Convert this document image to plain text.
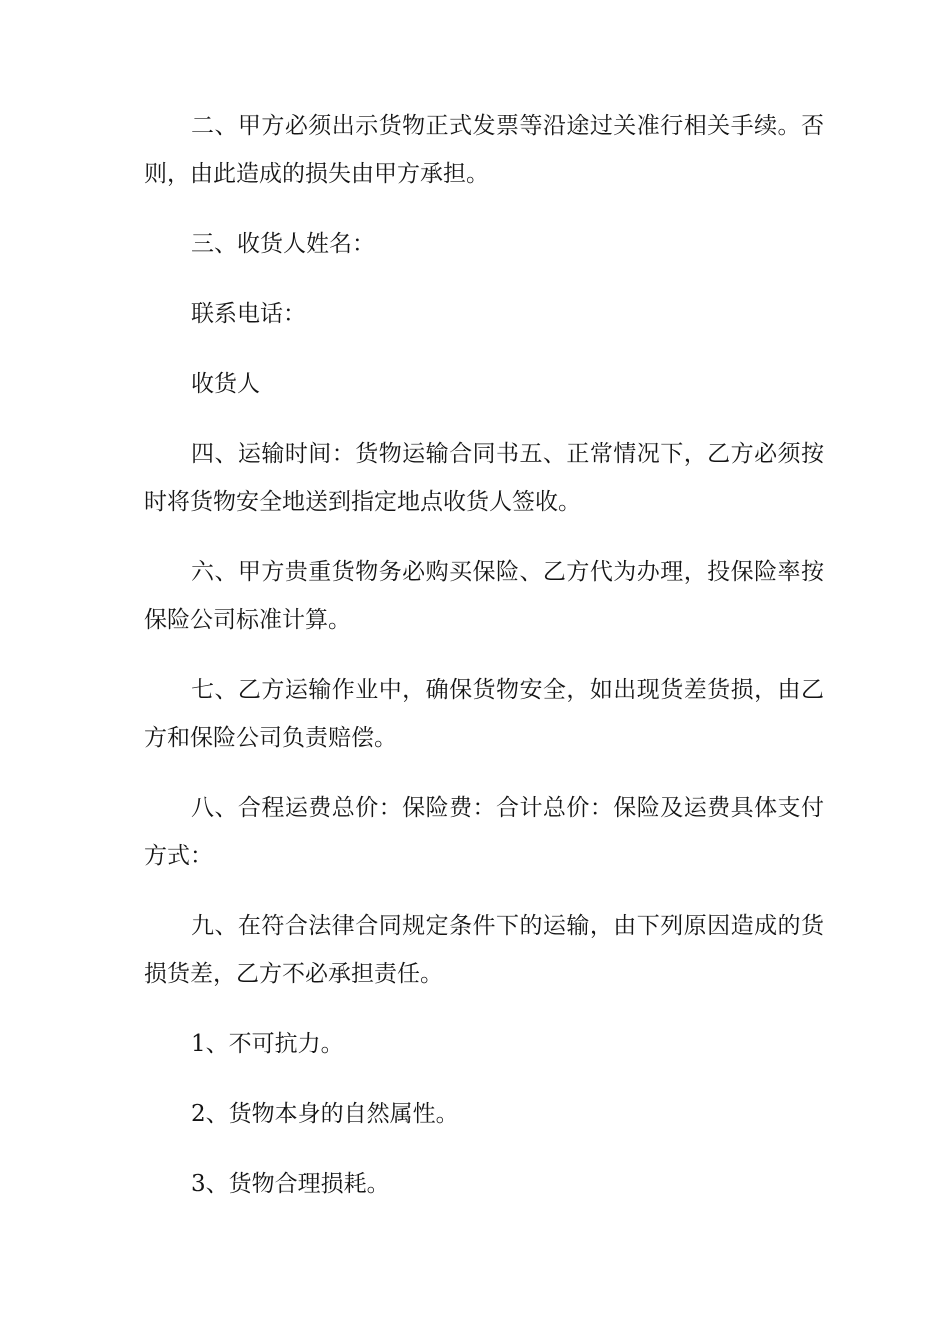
二、甲方必须出示货物正式发票等沿途过关准行相关手续。否则，由此造成的损失由甲方承担。

三、收货人姓名：

联系电话：

收货人

四、运输时间：货物运输合同书五、正常情况下，乙方必须按时将货物安全地送到指定地点收货人签收。

六、甲方贵重货物务必购买保险、乙方代为办理，投保险率按保险公司标准计算。

七、乙方运输作业中，确保货物安全，如出现货差货损，由乙方和保险公司负责赔偿。

八、合程运费总价：保险费：合计总价：保险及运费具体支付方式：

九、在符合法律合同规定条件下的运输，由下列原因造成的货损货差，乙方不必承担责任。

1、不可抗力。

2、货物本身的自然属性。

3、货物合理损耗。
